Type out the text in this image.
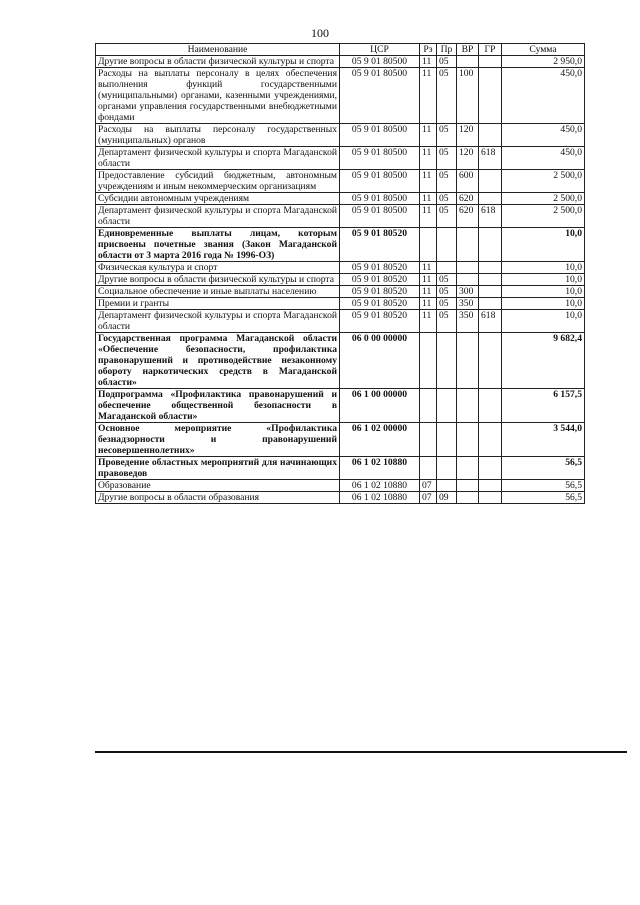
100
Наименование	ЦСР	Рз	Пр	ВР	ГР	Сумма
Другие вопросы в области физической культуры и спорта	05 9 01 80500	11	05			2 950,0
Расходы на выплаты персоналу в целях обеспечения выполнения функций государственными (муниципальными) органами, казенными учреждениями, органами управления государственными внебюджетными фондами	05 9 01 80500	11	05	100		450,0
Расходы на выплаты персоналу государственных (муниципальных) органов	05 9 01 80500	11	05	120		450,0
Департамент физической культуры и спорта Магаданской области	05 9 01 80500	11	05	120	618	450,0
Предоставление субсидий бюджетным, автономным учреждениям и иным некоммерческим организациям	05 9 01 80500	11	05	600		2 500,0
Субсидии автономным учреждениям	05 9 01 80500	11	05	620		2 500,0
Департамент физической культуры и спорта Магаданской области	05 9 01 80500	11	05	620	618	2 500,0
Единовременные выплаты лицам, которым присвоены почетные звания (Закон Магаданской области от 3 марта 2016 года № 1996-ОЗ)	05 9 01 80520					10,0
Физическая культура и спорт	05 9 01 80520	11				10,0
Другие вопросы в области физической культуры и спорта	05 9 01 80520	11	05			10,0
Социальное обеспечение и иные выплаты населению	05 9 01 80520	11	05	300		10,0
Премии и гранты	05 9 01 80520	11	05	350		10,0
Департамент физической культуры и спорта Магаданской области	05 9 01 80520	11	05	350	618	10,0
Государственная программа Магаданской области «Обеспечение безопасности, профилактика правонарушений и противодействие незаконному обороту наркотических средств в Магаданской области»	06 0 00 00000					9 682,4
Подпрограмма «Профилактика правонарушений и обеспечение общественной безопасности в Магаданской области»	06 1 00 00000					6 157,5
Основное мероприятие «Профилактика безнадзорности и правонарушений несовершеннолетних»	06 1 02 00000					3 544,0
Проведение областных мероприятий для начинающих правоведов	06 1 02 10880					56,5
Образование	06 1 02 10880	07				56,5
Другие вопросы в области образования	06 1 02 10880	07	09			56,5
